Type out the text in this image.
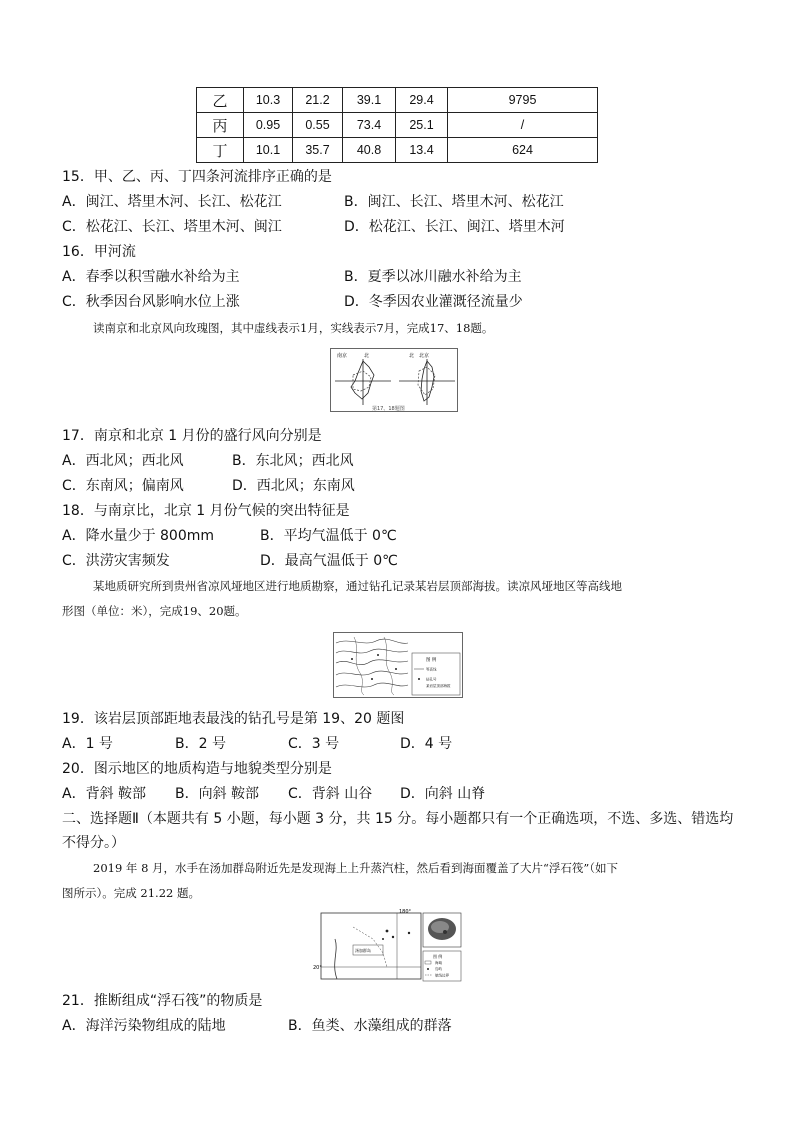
乙	10.3	21.2	39.1	29.4	9795
丙	0.95	0.55	73.4	25.1	/
丁	10.1	35.7	40.8	13.4	624
15．甲、乙、丙、丁四条河流排序正确的是
A．闽江、塔里木河、长江、松花江	B．闽江、长江、塔里木河、松花江
C．松花江、长江、塔里木河、闽江	D．松花江、长江、闽江、塔里木河
16．甲河流
A．春季以积雪融水补给为主	B．夏季以冰川融水补给为主
C．秋季因台风影响水位上涨	D．冬季因农业灌溉径流量少
读南京和北京风向玫瑰图，其中虚线表示1月，实线表示7月，完成17、18题。
南京	北	北 北京
第17、18题图
17．南京和北京 1 月份的盛行风向分别是
A．西北风；西北风	B．东北风；西北风
C．东南风；偏南风	D．西北风；东南风
18．与南京比，北京 1 月份气候的突出特征是
A．降水量少于 800mm	B．平均气温低于 0℃
C．洪涝灾害频发	D．最高气温低于 0℃
某地质研究所到贵州省凉风垭地区进行地质勘察，通过钻孔记录某岩层顶部海拔。读凉风垭地区等高线地
形图（单位：米），完成19、20题。
图 例
等高线
钻孔号
某岩层顶部海拔
19．该岩层顶部距地表最浅的钻孔号是第 19、20 题图
A．1 号	B．2 号	C．3 号	D．4 号
20．图示地区的地质构造与地貌类型分别是
A．背斜 鞍部 B．向斜 鞍部 C．背斜 山谷 D．向斜 山脊
二、选择题Ⅱ（本题共有 5 小题，每小题 3 分，共 15 分。每小题都只有一个正确选项，不选、多选、错选均
不得分。）
2019 年 8 月，水手在汤加群岛附近先是发现海上上升蒸汽柱，然后看到海面覆盖了大片“浮石筏”（如下
图所示）。完成 21.22 题。
180°
20°
汤加群岛
图 例
海域
岛屿
航线边界
21．推断组成“浮石筏”的物质是
A．海洋污染物组成的陆地	B．鱼类、水藻组成的群落
